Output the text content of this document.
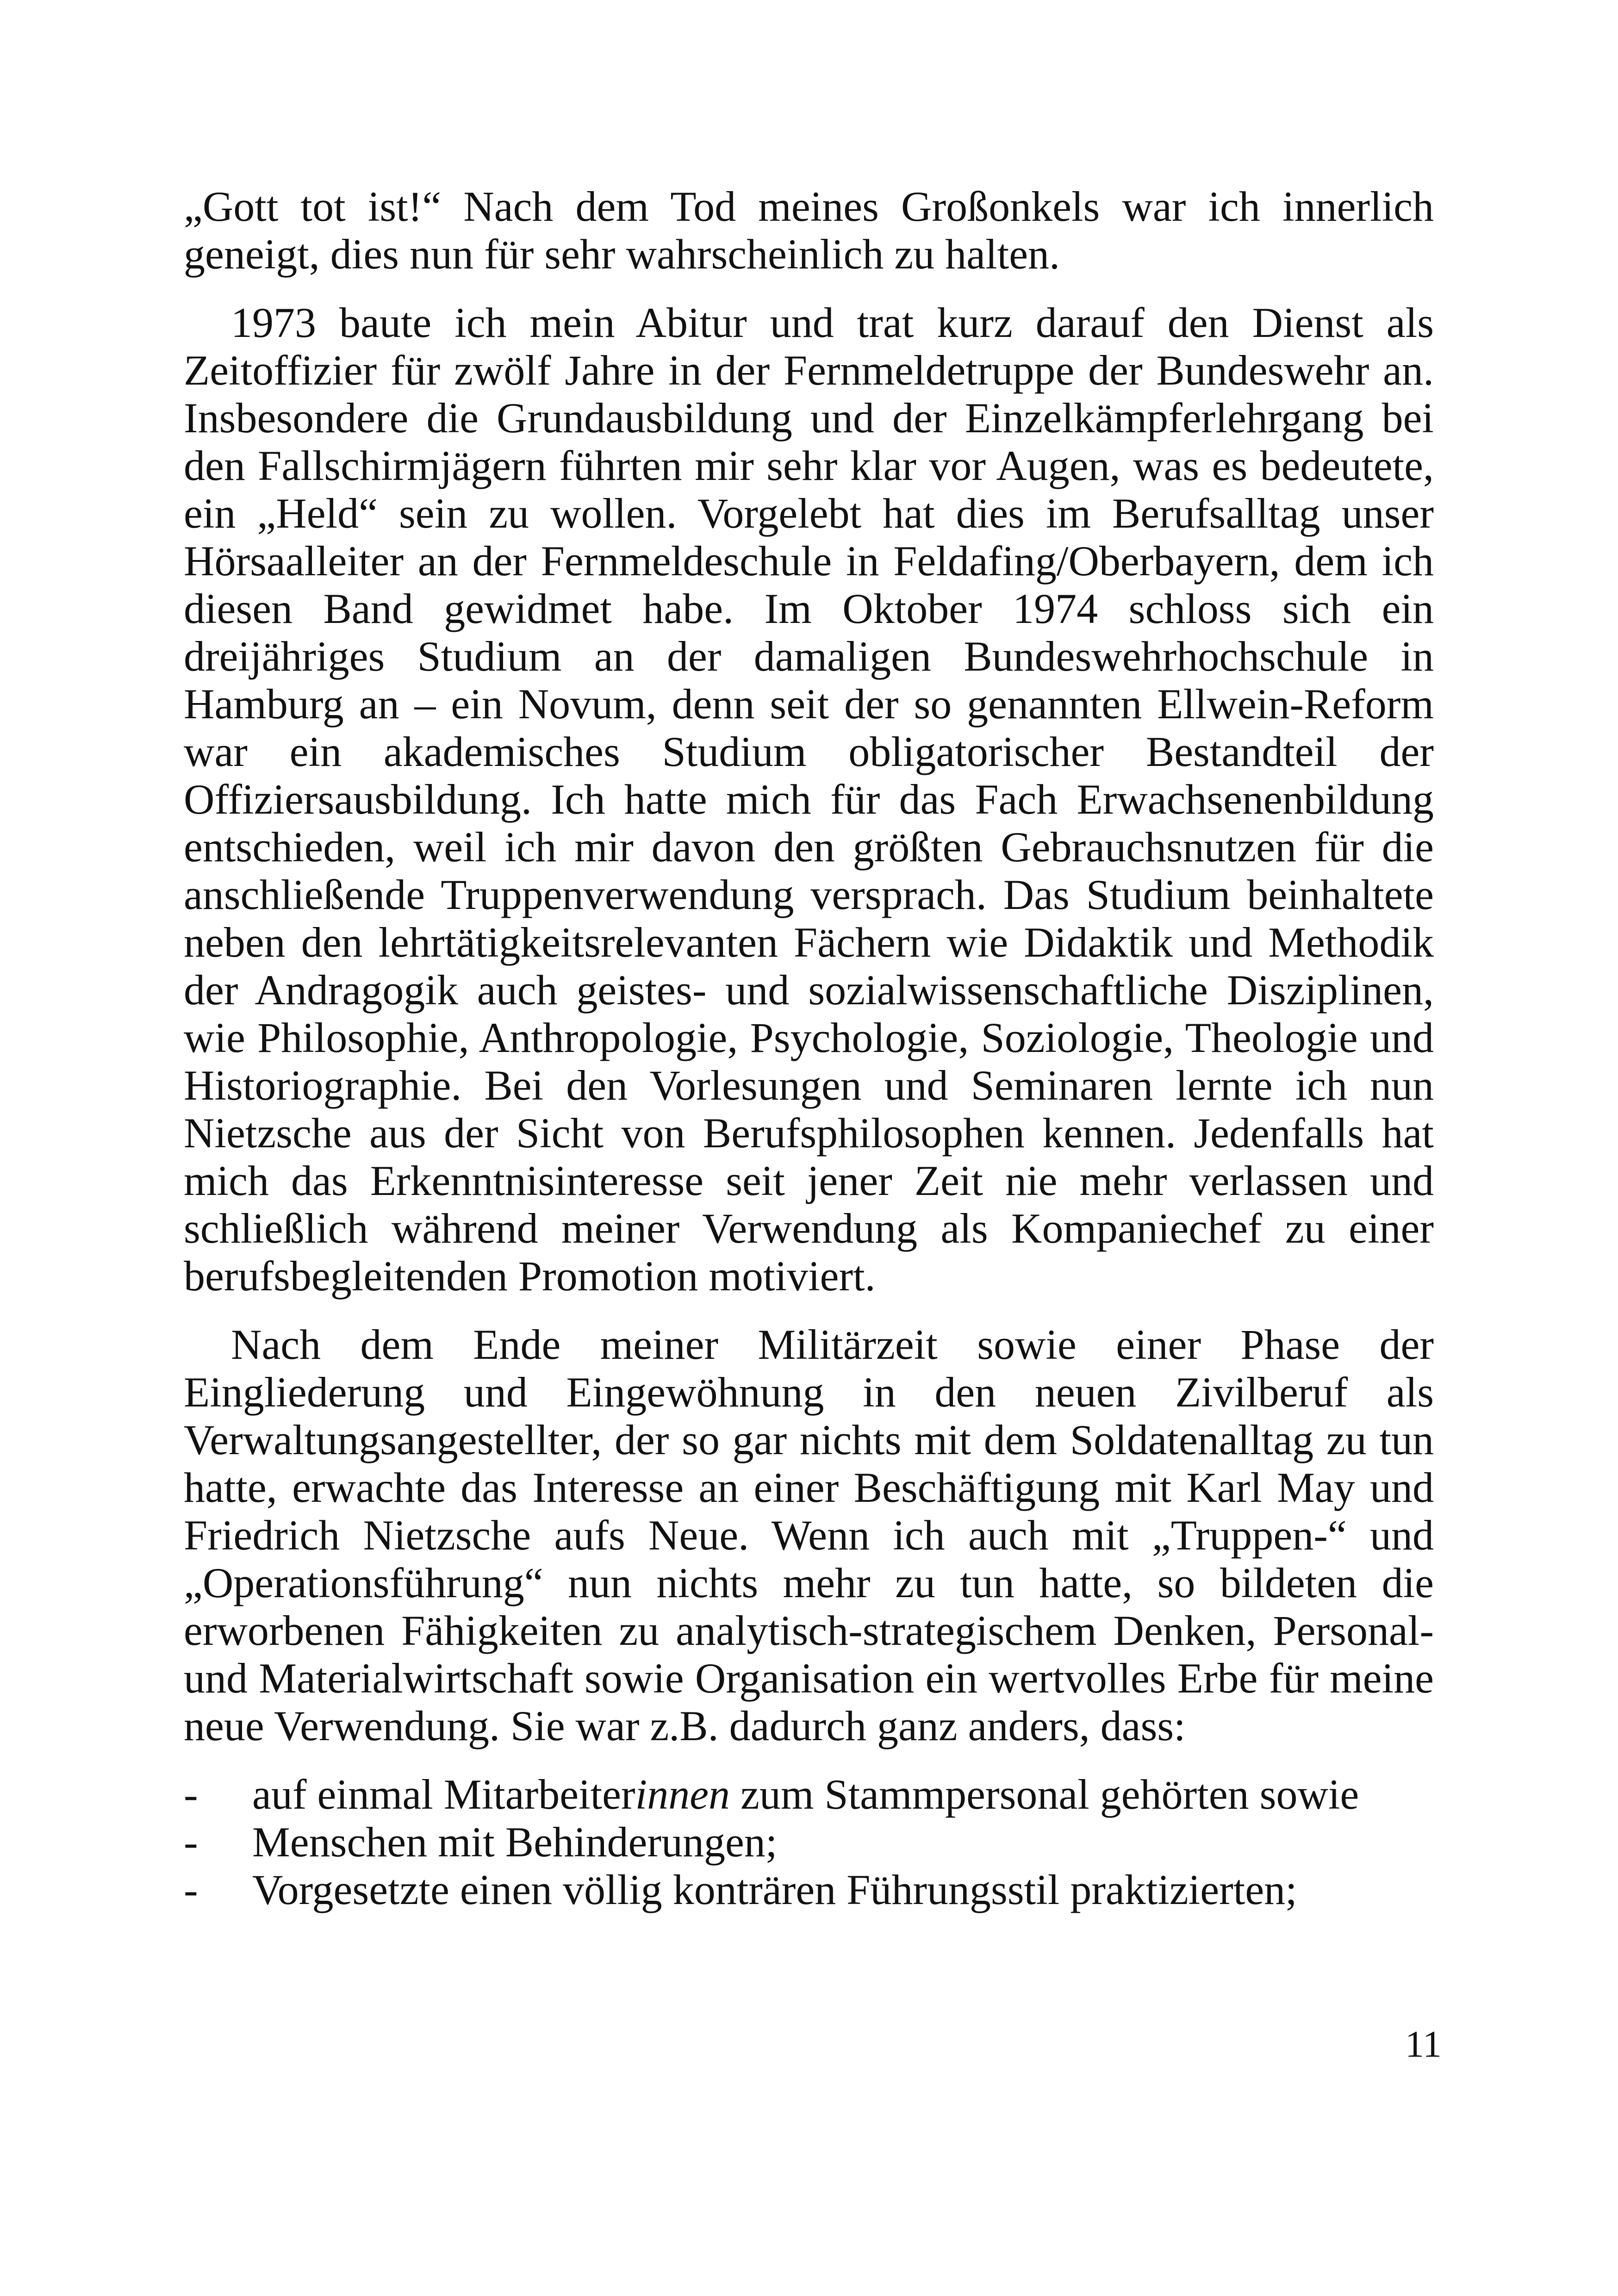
„Gott tot ist!“ Nach dem Tod meines Großonkels war ich innerlich geneigt, dies nun für sehr wahrscheinlich zu halten.

1973 baute ich mein Abitur und trat kurz darauf den Dienst als Zeitoffizier für zwölf Jahre in der Fernmeldetruppe der Bundeswehr an. Insbesondere die Grundausbildung und der Einzelkämpferlehrgang bei den Fallschirmjägern führten mir sehr klar vor Augen, was es bedeutete, ein „Held“ sein zu wollen. Vorgelebt hat dies im Berufsalltag unser Hörsaalleiter an der Fernmeldeschule in Feldafing/Oberbayern, dem ich diesen Band gewidmet habe. Im Oktober 1974 schloss sich ein dreijähriges Studium an der damaligen Bundeswehrhochschule in Hamburg an – ein Novum, denn seit der so genannten Ellwein-Reform war ein akademisches Studium obligatorischer Bestandteil der Offiziersausbildung. Ich hatte mich für das Fach Erwachsenenbildung entschieden, weil ich mir davon den größten Gebrauchsnutzen für die anschließende Truppenverwendung versprach. Das Studium beinhaltete neben den lehrtätigkeitsrelevanten Fächern wie Didaktik und Methodik der Andragogik auch geistes- und sozialwissenschaftliche Disziplinen, wie Philosophie, Anthropologie, Psychologie, Soziologie, Theologie und Historiographie. Bei den Vorlesungen und Seminaren lernte ich nun Nietzsche aus der Sicht von Berufsphilosophen kennen. Jedenfalls hat mich das Erkenntnisinteresse seit jener Zeit nie mehr verlassen und schließlich während meiner Verwendung als Kompaniechef zu einer berufsbegleitenden Promotion motiviert.

Nach dem Ende meiner Militärzeit sowie einer Phase der Eingliederung und Eingewöhnung in den neuen Zivilberuf als Verwaltungsangestellter, der so gar nichts mit dem Soldatenalltag zu tun hatte, erwachte das Interesse an einer Beschäftigung mit Karl May und Friedrich Nietzsche aufs Neue. Wenn ich auch mit „Truppen-“ und „Operationsführung“ nun nichts mehr zu tun hatte, so bildeten die erworbenen Fähigkeiten zu analytisch-strategischem Denken, Personal- und Materialwirtschaft sowie Organisation ein wertvolles Erbe für meine neue Verwendung. Sie war z.B. dadurch ganz anders, dass:

-	auf einmal Mitarbeiterinnen zum Stammpersonal gehörten sowie
-	Menschen mit Behinderungen;
-	Vorgesetzte einen völlig konträren Führungsstil praktizierten;
11
